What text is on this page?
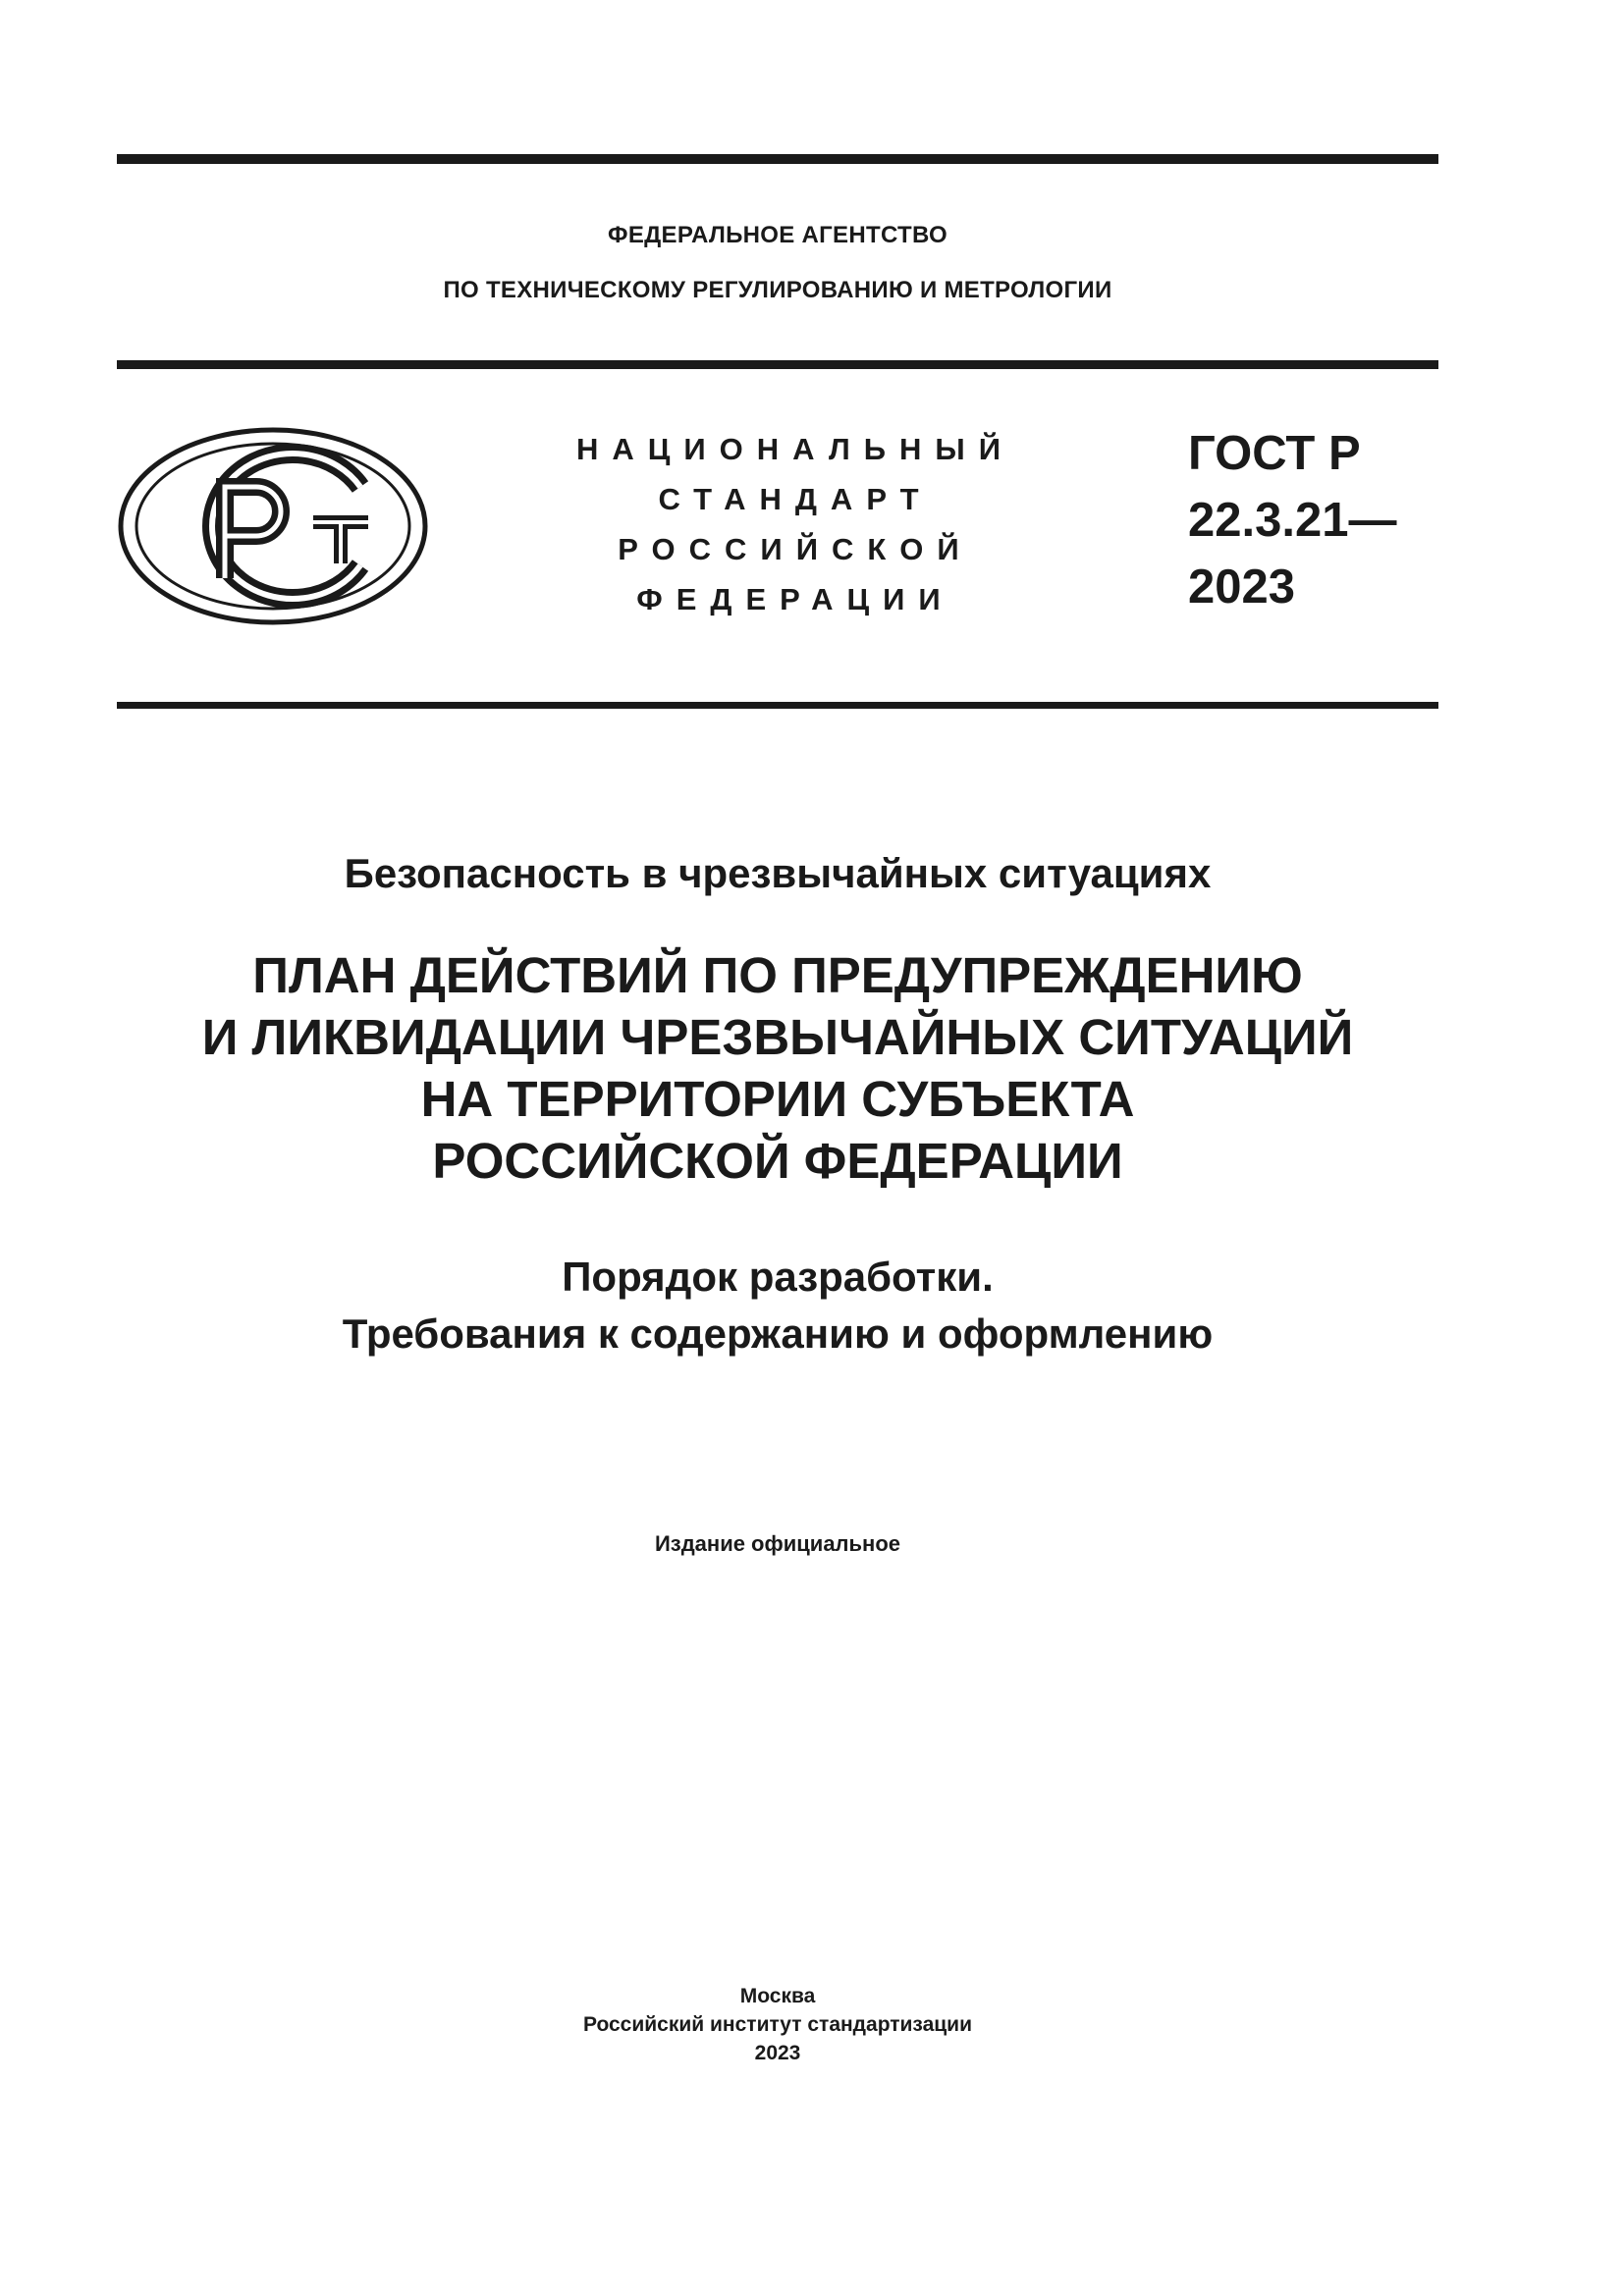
ФЕДЕРАЛЬНОЕ АГЕНТСТВО
ПО ТЕХНИЧЕСКОМУ РЕГУЛИРОВАНИЮ И МЕТРОЛОГИИ
НАЦИОНАЛЬНЫЙ
СТАНДАРТ
РОССИЙСКОЙ
ФЕДЕРАЦИИ
ГОСТ Р
22.3.21—
2023
Безопасность в чрезвычайных ситуациях
ПЛАН ДЕЙСТВИЙ ПО ПРЕДУПРЕЖДЕНИЮ
И ЛИКВИДАЦИИ ЧРЕЗВЫЧАЙНЫХ СИТУАЦИЙ
НА ТЕРРИТОРИИ СУБЪЕКТА
РОССИЙСКОЙ ФЕДЕРАЦИИ
Порядок разработки.
Требования к содержанию и оформлению
Издание официальное
Москва
Российский институт стандартизации
2023
